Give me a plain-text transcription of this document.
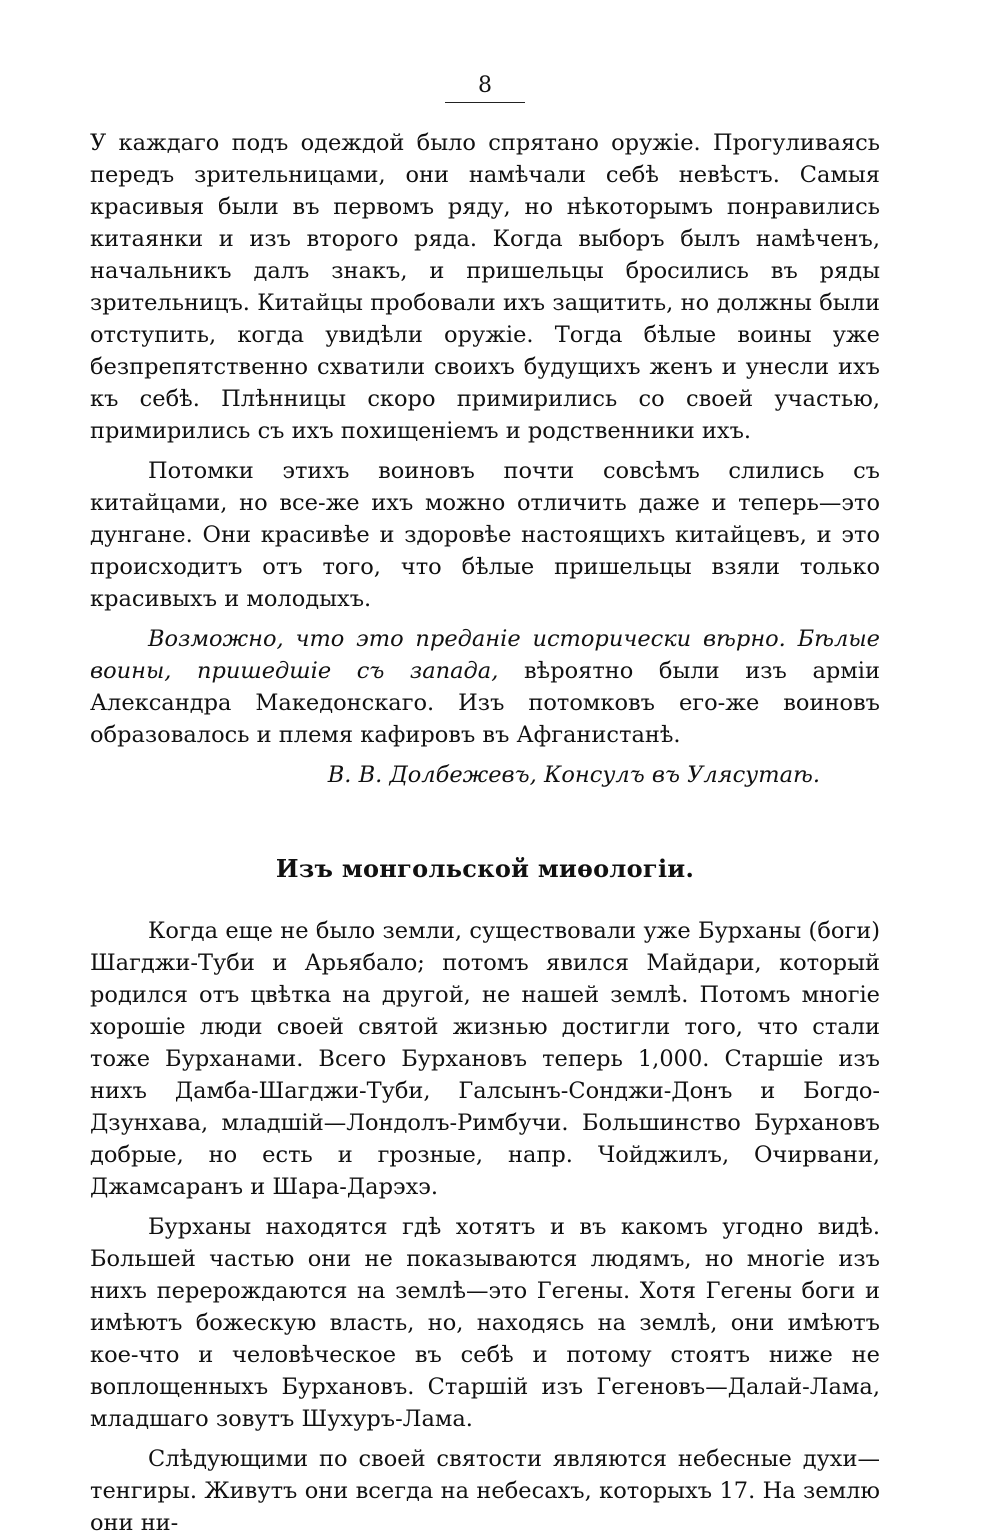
8

У каждаго подъ одеждой было спрятано оружiе. Прогуливаясь передъ зрительницами, они намѣчали себѣ невѣстъ. Самыя красивыя были въ первомъ ряду, но нѣкоторымъ понравились китаянки и изъ второго ряда. Когда выборъ былъ намѣченъ, начальникъ далъ знакъ, и пришельцы бросились въ ряды зрительницъ. Китайцы пробовали ихъ защитить, но должны были отступить, когда увидѣли оружiе. Тогда бѣлые воины уже безпрепятственно схватили своихъ будущихъ женъ и унесли ихъ къ себѣ. Плѣнницы скоро примирились со своей участью, примирились съ ихъ похищенiемъ и родственники ихъ.

Потомки этихъ воиновъ почти совсѣмъ слились съ китайцами, но все-же ихъ можно отличить даже и теперь—это дунгане. Они красивѣе и здоровѣе настоящихъ китайцевъ, и это происходитъ отъ того, что бѣлые пришельцы взяли только красивыхъ и молодыхъ.

Возможно, что это преданiе исторически вѣрно. Бѣлые воины, пришедшiе съ запада, вѣроятно были изъ армiи Александра Македонскаго. Изъ потомковъ его-же воиновъ образовалось и племя кафировъ въ Афганистанѣ.

В. В. Долбежевъ, Консулъ въ Улясутаѣ.
Изъ монгольской миѳологiи.

Когда еще не было земли, существовали уже Бурханы (боги) Шагджи-Туби и Арьябало; потомъ явился Майдари, который родился отъ цвѣтка на другой, не нашей землѣ. Потомъ многiе хорошiе люди своей святой жизнью достигли того, что стали тоже Бурханами. Всего Бурхановъ теперь 1,000. Старшiе изъ нихъ Дамба-Шагджи-Туби, Галсынъ-Сонджи-Донъ и Богдо-Дзунхава, младшiй—Лондолъ-Римбучи. Большинство Бурхановъ добрые, но есть и грозные, напр. Чойджилъ, Очирвани, Джамсаранъ и Шара-Дарэхэ.

Бурханы находятся гдѣ хотятъ и въ какомъ угодно видѣ. Большей частью они не показываются людямъ, но многiе изъ нихъ перерождаются на землѣ—это Гегены. Хотя Гегены боги и имѣютъ божескую власть, но, находясь на землѣ, они имѣютъ кое-что и человѣческое въ себѣ и потому стоятъ ниже не воплощенныхъ Бурхановъ. Старшiй изъ Гегеновъ—Далай-Лама, младшаго зовутъ Шухуръ-Лама.

Слѣдующими по своей святости являются небесные духи—тенгиры. Живутъ они всегда на небесахъ, которыхъ 17. На землю они ни-
